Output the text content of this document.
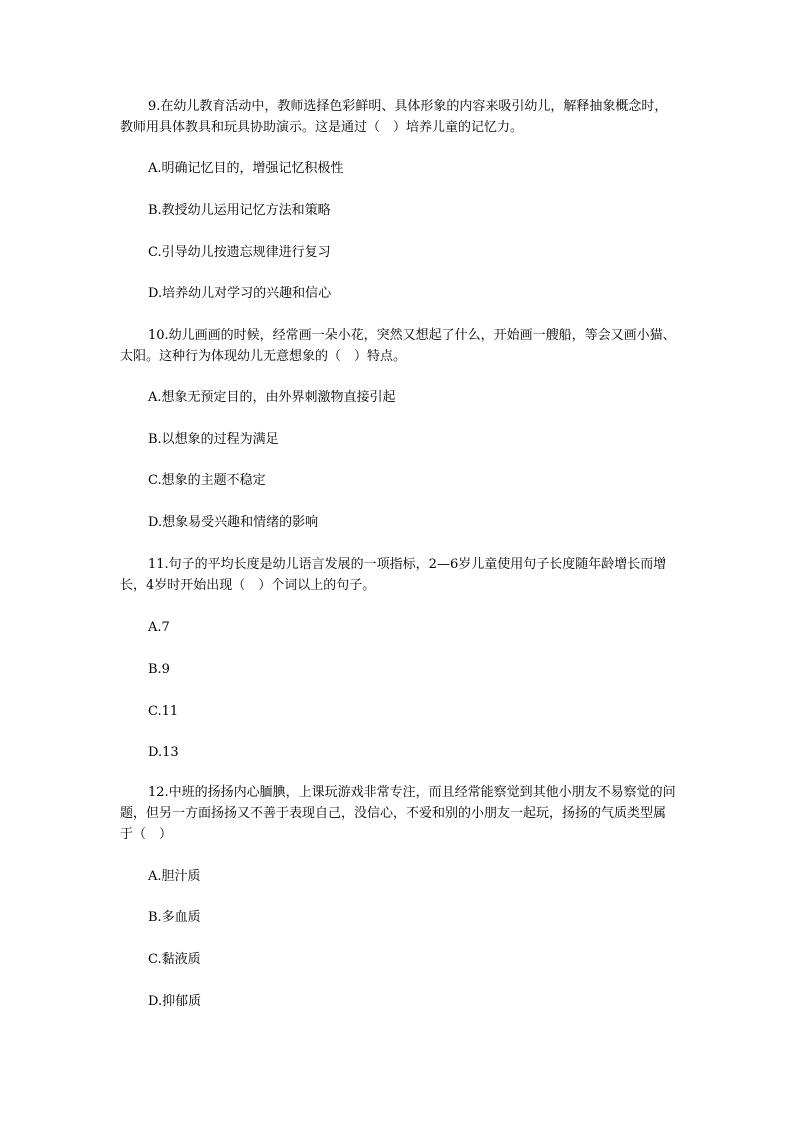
9.在幼儿教育活动中，教师选择色彩鲜明、具体形象的内容来吸引幼儿，解释抽象概念时，教师用具体教具和玩具协助演示。这是通过（　）培养儿童的记忆力。

A.明确记忆目的，增强记忆积极性

B.教授幼儿运用记忆方法和策略

C.引导幼儿按遗忘规律进行复习

D.培养幼儿对学习的兴趣和信心

10.幼儿画画的时候，经常画一朵小花，突然又想起了什么，开始画一艘船，等会又画小猫、太阳。这种行为体现幼儿无意想象的（　）特点。

A.想象无预定目的，由外界刺激物直接引起

B.以想象的过程为满足

C.想象的主题不稳定

D.想象易受兴趣和情绪的影响

11.句子的平均长度是幼儿语言发展的一项指标，2—6岁儿童使用句子长度随年龄增长而增长，4岁时开始出现（　）个词以上的句子。

A.7

B.9

C.11

D.13

12.中班的扬扬内心腼腆，上课玩游戏非常专注，而且经常能察觉到其他小朋友不易察觉的问题，但另一方面扬扬又不善于表现自己，没信心，不爱和别的小朋友一起玩，扬扬的气质类型属于（　）

A.胆汁质

B.多血质

C.黏液质

D.抑郁质
